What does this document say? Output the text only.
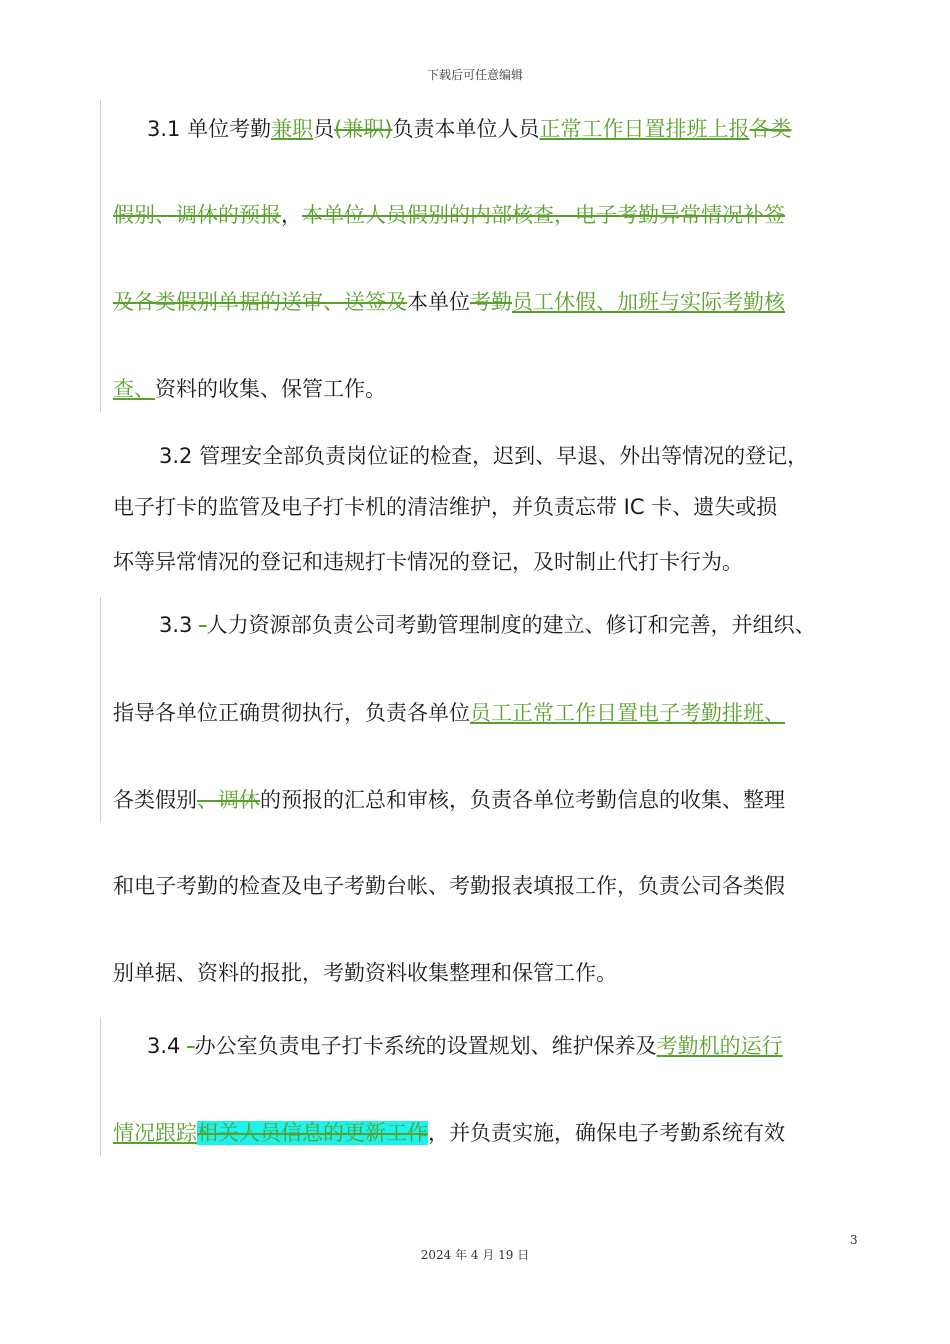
下载后可任意编辑
3.1 单位考勤兼职员(兼职)负责本单位人员正常工作日置排班上报各类
假别、调休的预报，本单位人员假别的内部核查，电子考勤异常情况补签
及各类假别单据的送审、送签及本单位考勤员工休假、加班与实际考勤核
查、资料的收集、保管工作。
3.2 管理安全部负责岗位证的检查，迟到、早退、外出等情况的登记，
电子打卡的监管及电子打卡机的清洁维护，并负责忘带 IC 卡、遗失或损
坏等异常情况的登记和违规打卡情况的登记，及时制止代打卡行为。
3.3 -人力资源部负责公司考勤管理制度的建立、修订和完善，并组织、
指导各单位正确贯彻执行，负责各单位员工正常工作日置电子考勤排班、
各类假别、调休的预报的汇总和审核，负责各单位考勤信息的收集、整理
和电子考勤的检查及电子考勤台帐、考勤报表填报工作，负责公司各类假
别单据、资料的报批，考勤资料收集整理和保管工作。
3.4 -办公室负责电子打卡系统的设置规划、维护保养及考勤机的运行
情况跟踪相关人员信息的更新工作，并负责实施，确保电子考勤系统有效
3
2024 年 4 月 19 日
